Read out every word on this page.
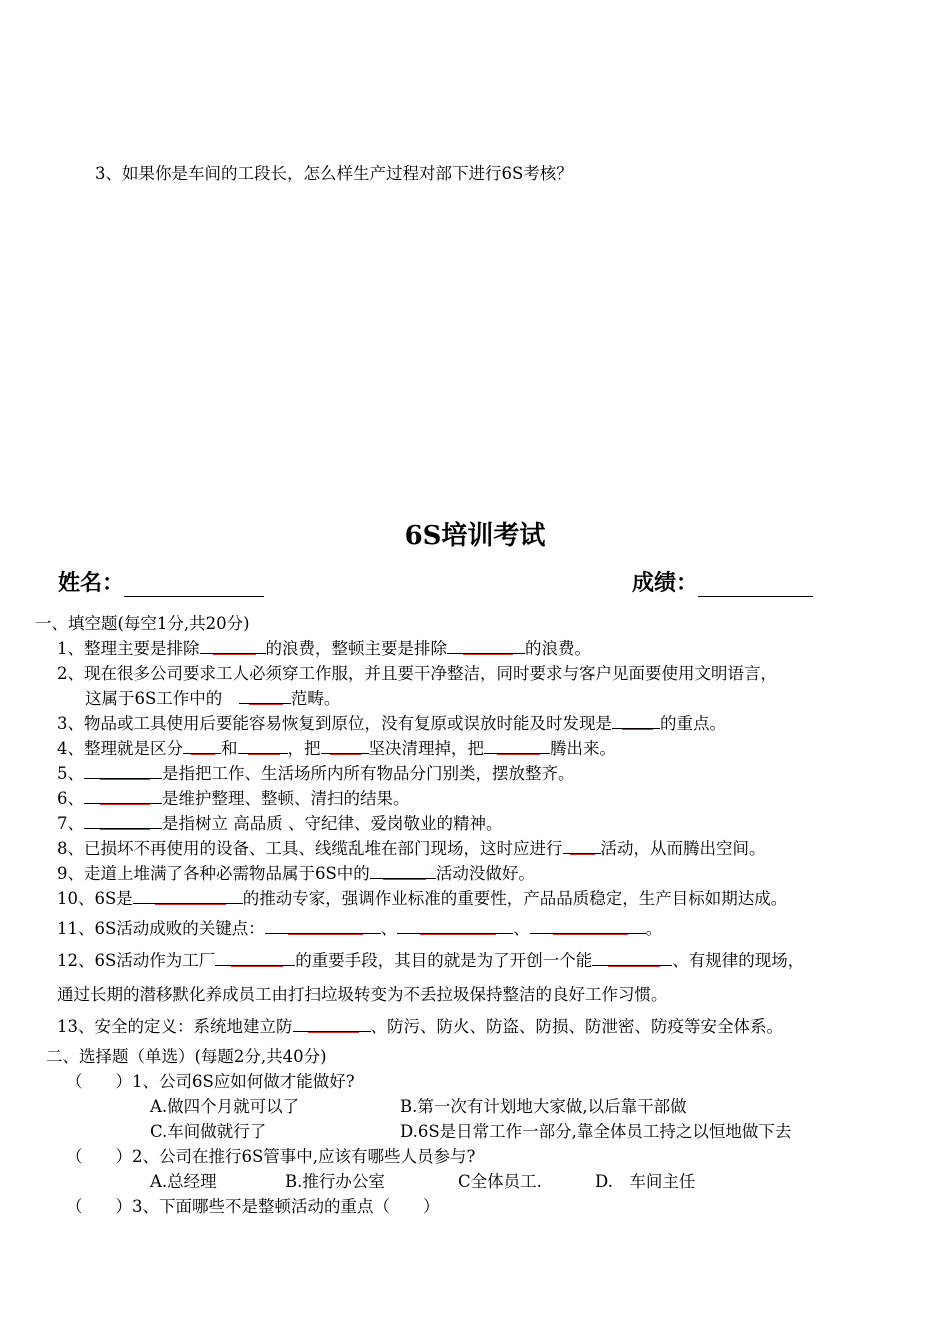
3、如果你是车间的工段长，怎么样生产过程对部下进行6S考核？
6S培训考试
姓名：	成绩：
一、填空题(每空1分,共20分)
1、整理主要是排除	的浪费，整顿主要是排除	的浪费。
2、现在很多公司要求工人必须穿工作服，并且要干净整洁，同时要求与客户见面要使用文明语言，
这属于6S工作中的　	范畴。
3、物品或工具使用后要能容易恢复到原位，没有复原或误放时能及时发现是	的重点。
4、整理就是区分 和	，把	坚决清理掉，把	腾出来。
5、	是指把工作、生活场所内所有物品分门别类，摆放整齐。
6、	是维护整理、整顿、清扫的结果。
7、	是指树立 高品质 、守纪律、爱岗敬业的精神。
8、已损坏不再使用的设备、工具、线缆乱堆在部门现场，这时应进行 活动，从而腾出空间。
9、走道上堆满了各种必需物品属于6S中的	活动没做好。
10、6S是	的推动专家，强调作业标准的重要性，产品品质稳定，生产目标如期达成。
11、6S活动成败的关键点：	、	、	。
12、6S活动作为工厂	的重要手段，其目的就是为了开创一个能	、有规律的现场，
通过长期的潜移默化养成员工由打扫垃圾转变为不丢拉圾保持整洁的良好工作习惯。
13、安全的定义：系统地建立防	、防污、防火、防盗、防损、防泄密、防疫等安全体系。
二、选择题（单选）(每题2分,共40分)
（　　）1、公司6S应如何做才能做好?
A.做四个月就可以了	B.第一次有计划地大家做,以后靠干部做
C.车间做就行了	D.6S是日常工作一部分,靠全体员工持之以恒地做下去
（　　）2、公司在推行6S管事中,应该有哪些人员参与?
A.总经理	B.推行办公室	C全体员工.	D.　车间主任
（　　）3、下面哪些不是整顿活动的重点（　　）
